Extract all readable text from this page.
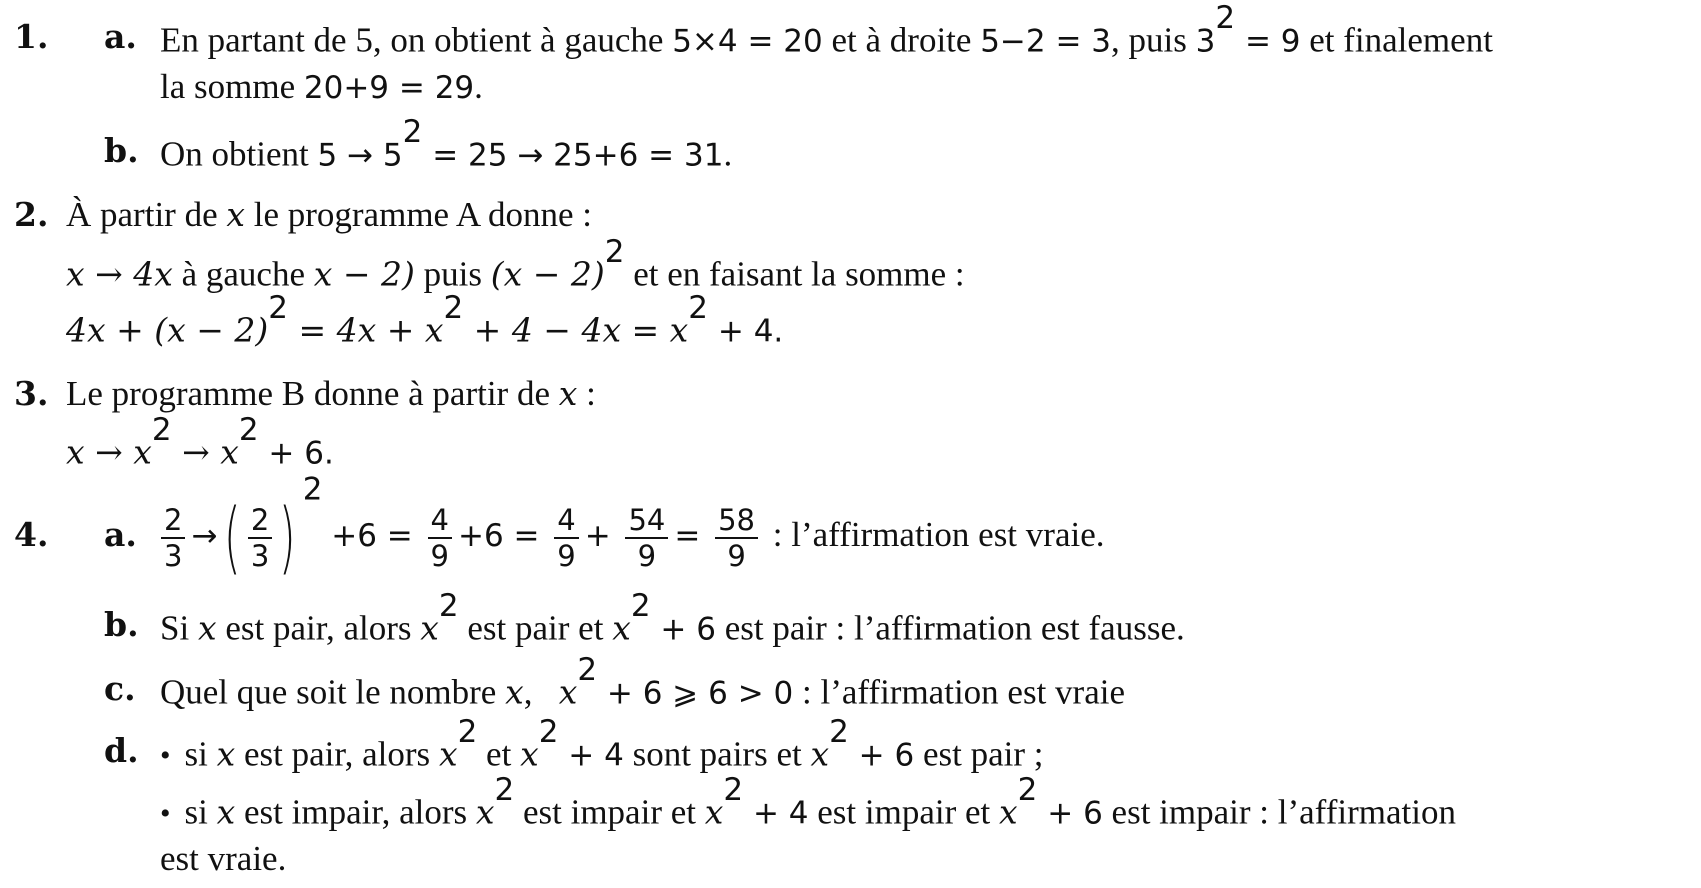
1. a. En partant de 5, on obtient à gauche 5×4 = 20 et à droite 5−2 = 3, puis $3^2 = 9$ et finalement
la somme 20+9 = 29.
b. On obtient $5 \to 5^2 = 25 \to 25+6 = 31$.
2. À partir de x le programme A donne :
x → 4x à gauche x − 2) puis $(x - 2)^2$ et en faisant la somme :
$4x + (x - 2)^2 = 4x + x^2 + 4 - 4x = x^2 + 4$.
3. Le programme B donne à partir de x :
$x \to x^2 \to x^2 + 6$.
4. a. $\frac{2}{3}$ →( $\frac{2}{3} )^2 +6 = \frac{4}{9} +6 = \frac{4}{9} + \frac{54}{9} = \frac{58}{9}$ : l’affirmation est vraie.
b. Si x est pair, alors $x^2$ est pair et $x^2 + 6$ est pair : l’affirmation est fausse.
c. Quel que soit le nombre x,   $x^2 + 6$ ⩾ 6 > 0 : l’affirmation est vraie
d. • si x est pair, alors $x^2$ et $x^2 + 4$ sont pairs et $x^2 + 6$ est pair ;
• si x est impair, alors $x^2$ est impair et $x^2 + 4$ est impair et $x^2 + 6$ est impair : l’affirmation
est vraie.
